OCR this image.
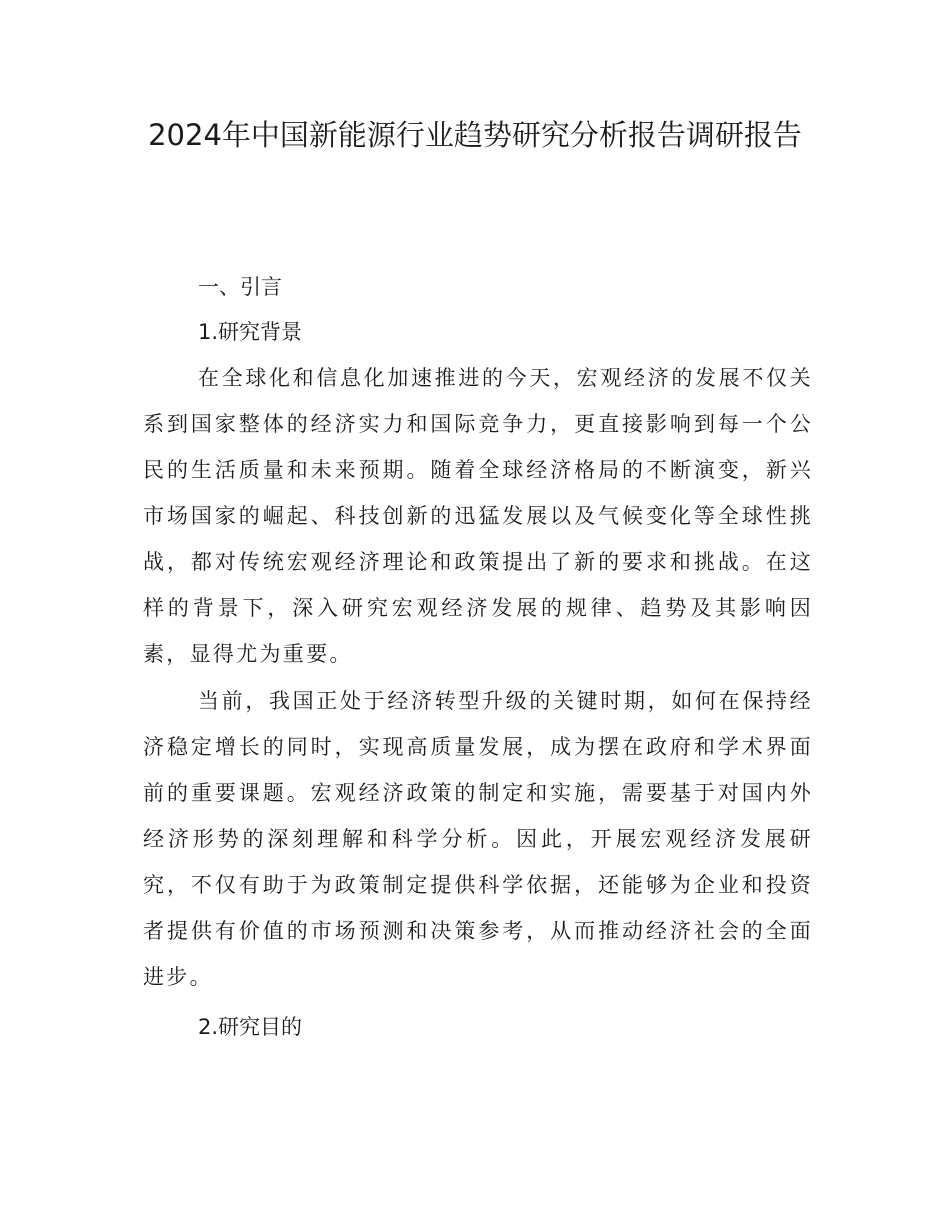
2024年中国新能源行业趋势研究分析报告调研报告
一、引言
1.研究背景

在全球化和信息化加速推进的今天，宏观经济的发展不仅关系到国家整体的经济实力和国际竞争力，更直接影响到每一个公民的生活质量和未来预期。随着全球经济格局的不断演变，新兴市场国家的崛起、科技创新的迅猛发展以及气候变化等全球性挑战，都对传统宏观经济理论和政策提出了新的要求和挑战。在这样的背景下，深入研究宏观经济发展的规律、趋势及其影响因素，显得尤为重要。

当前，我国正处于经济转型升级的关键时期，如何在保持经济稳定增长的同时，实现高质量发展，成为摆在政府和学术界面前的重要课题。宏观经济政策的制定和实施，需要基于对国内外经济形势的深刻理解和科学分析。因此，开展宏观经济发展研究，不仅有助于为政策制定提供科学依据，还能够为企业和投资者提供有价值的市场预测和决策参考，从而推动经济社会的全面进步。

2.研究目的
